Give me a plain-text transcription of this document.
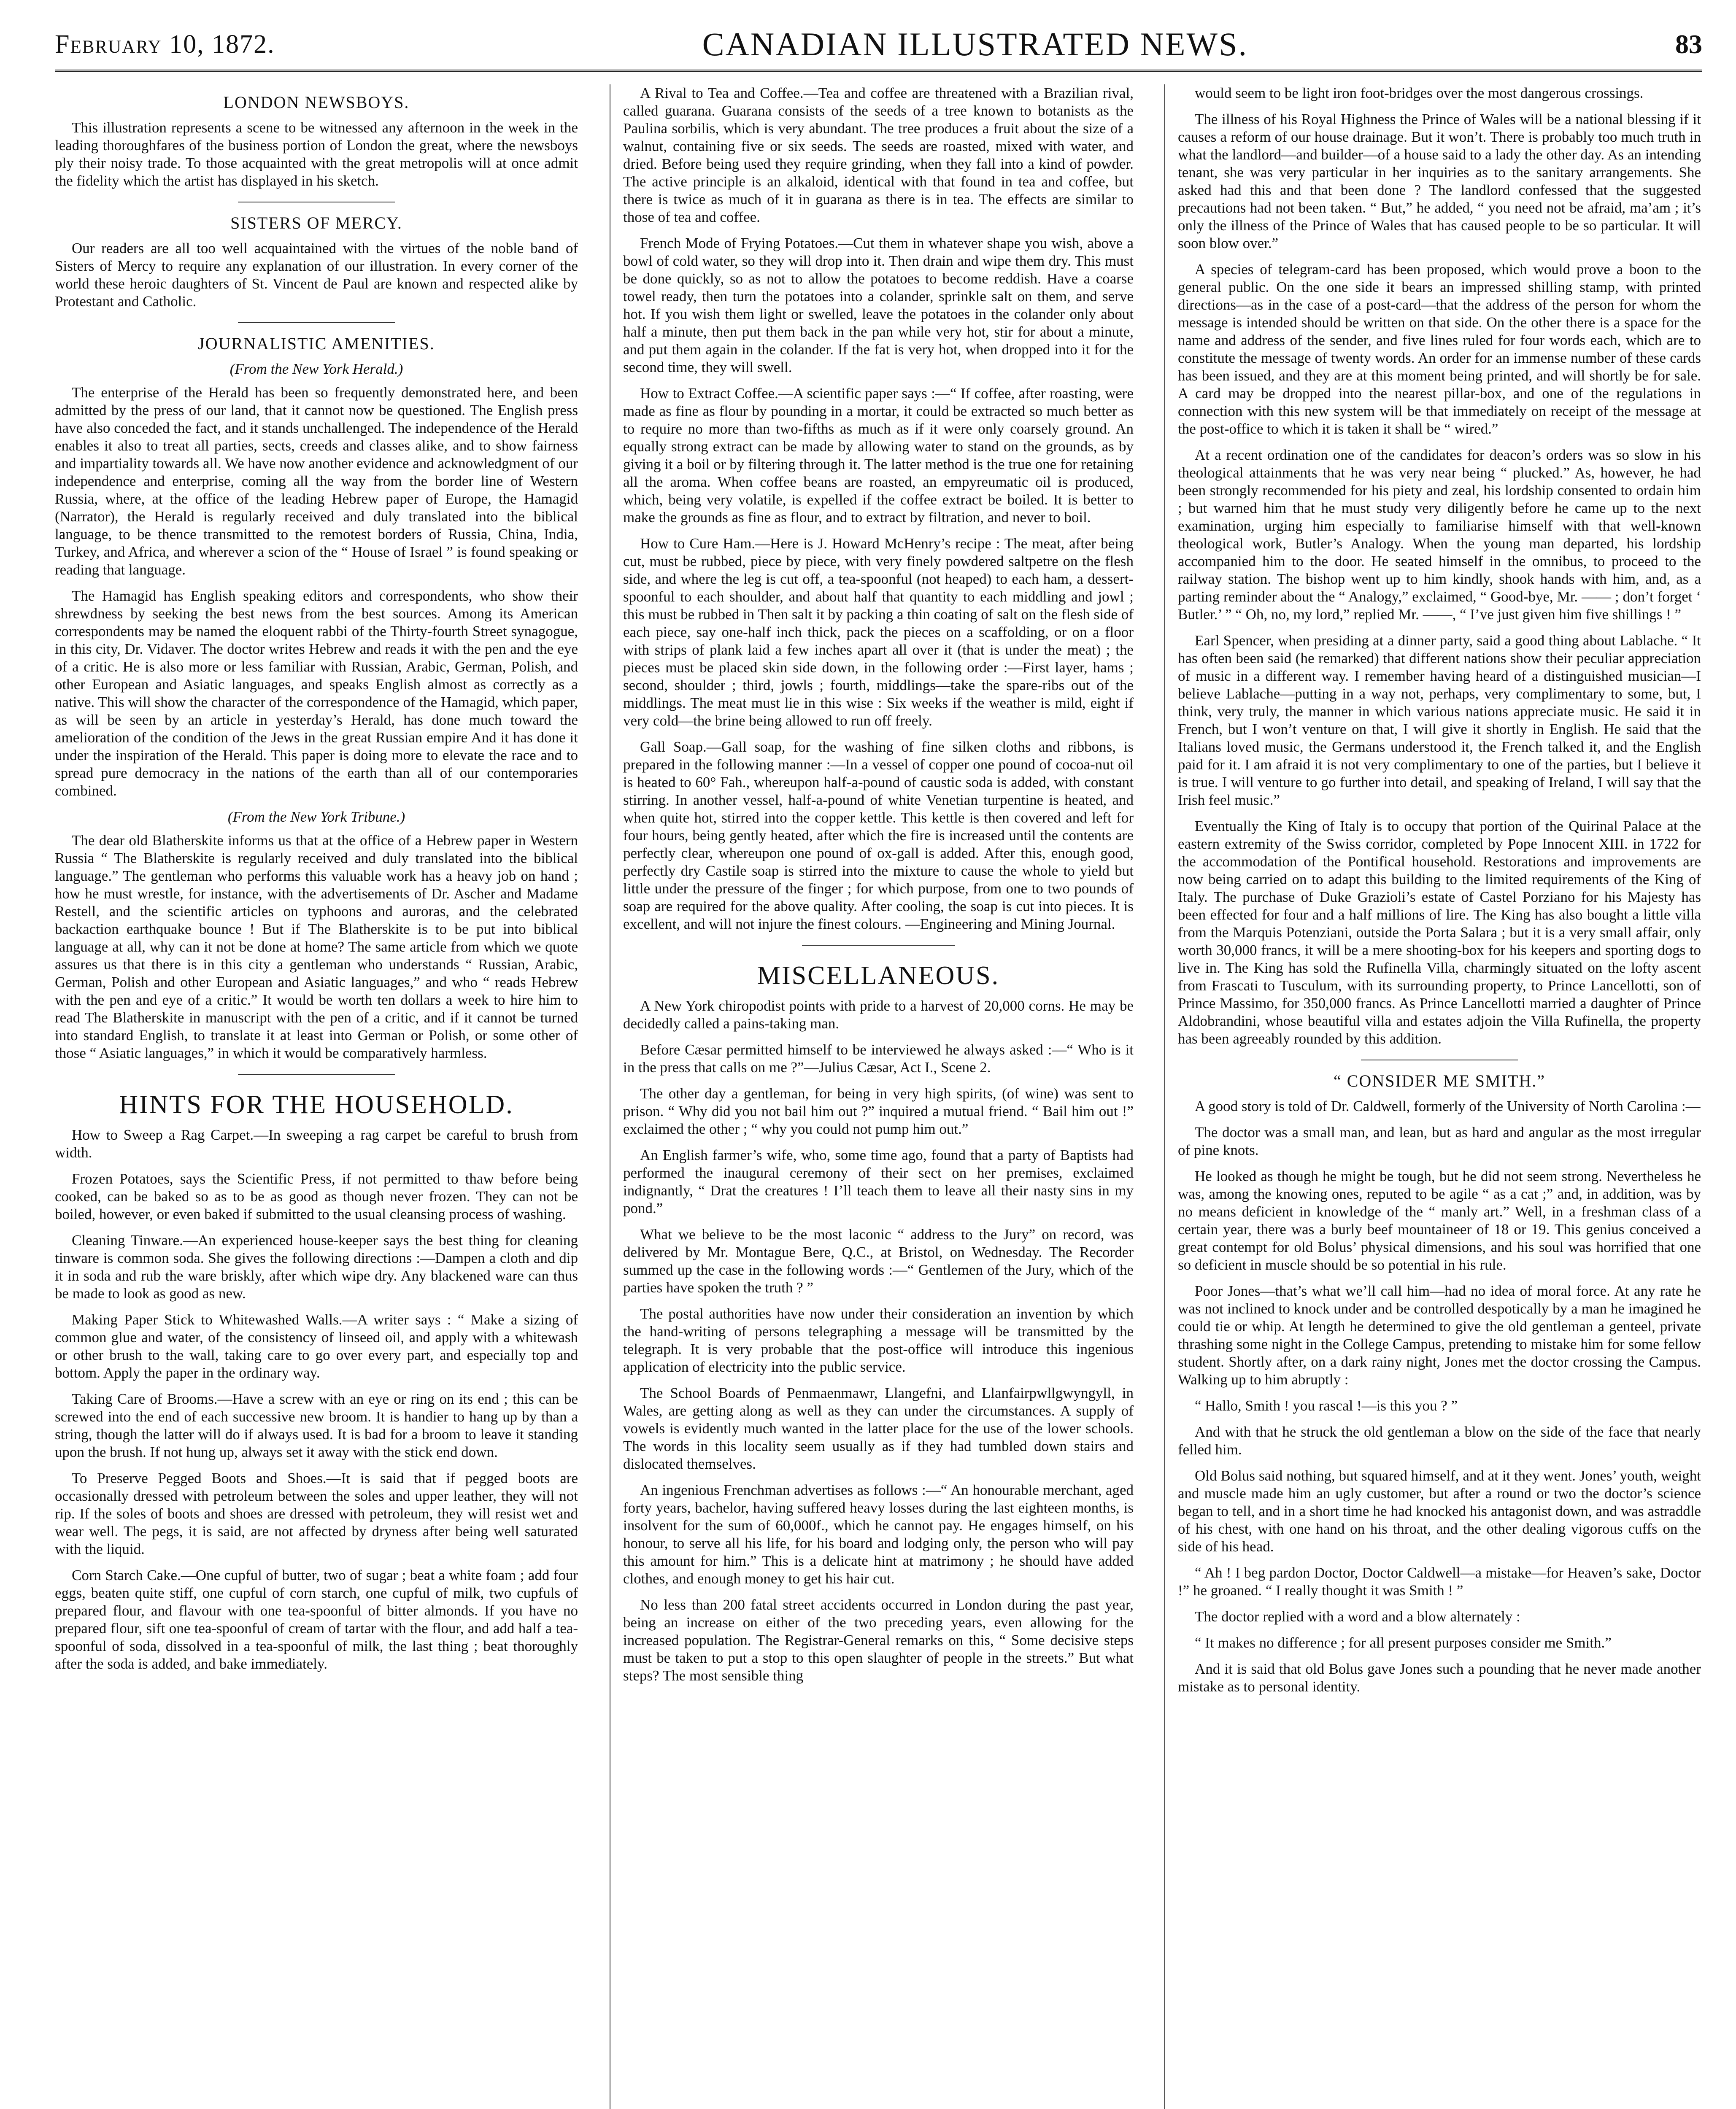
February 10, 1872.	CANADIAN ILLUSTRATED NEWS.	83
LONDON NEWSBOYS.

This illustration represents a scene to be witnessed any afternoon in the week in the leading thoroughfares of the business portion of London the great, where the newsboys ply their noisy trade. To those acquainted with the great metropolis will at once admit the fidelity which the artist has displayed in his sketch.

SISTERS OF MERCY.

Our readers are all too well acquaintained with the virtues of the noble band of Sisters of Mercy to require any explanation of our illustration. In every corner of the world these heroic daughters of St. Vincent de Paul are known and respected alike by Protestant and Catholic.

JOURNALISTIC AMENITIES.
(From the New York Herald.)

The enterprise of the Herald has been so frequently demonstrated here, and been admitted by the press of our land, that it cannot now be questioned. The English press have also conceded the fact, and it stands unchallenged. The independence of the Herald enables it also to treat all parties, sects, creeds and classes alike, and to show fairness and impartiality towards all. We have now another evidence and acknowledgment of our independence and enterprise, coming all the way from the border line of Western Russia, where, at the office of the leading Hebrew paper of Europe, the Hamagid (Narrator), the Herald is regularly received and duly translated into the biblical language, to be thence transmitted to the remotest borders of Russia, China, India, Turkey, and Africa, and wherever a scion of the “ House of Israel ” is found speaking or reading that language.

The Hamagid has English speaking editors and correspondents, who show their shrewdness by seeking the best news from the best sources. Among its American correspondents may be named the eloquent rabbi of the Thirty-fourth Street synagogue, in this city, Dr. Vidaver. The doctor writes Hebrew and reads it with the pen and the eye of a critic. He is also more or less familiar with Russian, Arabic, German, Polish, and other European and Asiatic languages, and speaks English almost as correctly as a native. This will show the character of the correspondence of the Hamagid, which paper, as will be seen by an article in yesterday’s Herald, has done much toward the amelioration of the condition of the Jews in the great Russian empire And it has done it under the inspiration of the Herald. This paper is doing more to elevate the race and to spread pure democracy in the nations of the earth than all of our contemporaries combined.

(From the New York Tribune.)

The dear old Blatherskite informs us that at the office of a Hebrew paper in Western Russia “ The Blatherskite is regularly received and duly translated into the biblical language.” The gentleman who performs this valuable work has a heavy job on hand ; how he must wrestle, for instance, with the advertisements of Dr. Ascher and Madame Restell, and the scientific articles on typhoons and auroras, and the celebrated backaction earthquake bounce ! But if The Blatherskite is to be put into biblical language at all, why can it not be done at home? The same article from which we quote assures us that there is in this city a gentleman who understands “ Russian, Arabic, German, Polish and other European and Asiatic languages,” and who “ reads Hebrew with the pen and eye of a critic.” It would be worth ten dollars a week to hire him to read The Blatherskite in manuscript with the pen of a critic, and if it cannot be turned into standard English, to translate it at least into German or Polish, or some other of those “ Asiatic languages,” in which it would be comparatively harmless.

HINTS FOR THE HOUSEHOLD.

How to Sweep a Rag Carpet.—In sweeping a rag carpet be careful to brush from width.

Frozen Potatoes, says the Scientific Press, if not permitted to thaw before being cooked, can be baked so as to be as good as though never frozen. They can not be boiled, however, or even baked if submitted to the usual cleansing process of washing.

Cleaning Tinware.—An experienced house-keeper says the best thing for cleaning tinware is common soda. She gives the following directions :—Dampen a cloth and dip it in soda and rub the ware briskly, after which wipe dry. Any blackened ware can thus be made to look as good as new.

Making Paper Stick to Whitewashed Walls.—A writer says : “ Make a sizing of common glue and water, of the consistency of linseed oil, and apply with a whitewash or other brush to the wall, taking care to go over every part, and especially top and bottom. Apply the paper in the ordinary way.

Taking Care of Brooms.—Have a screw with an eye or ring on its end ; this can be screwed into the end of each successive new broom. It is handier to hang up by than a string, though the latter will do if always used. It is bad for a broom to leave it standing upon the brush. If not hung up, always set it away with the stick end down.

To Preserve Pegged Boots and Shoes.—It is said that if pegged boots are occasionally dressed with petroleum between the soles and upper leather, they will not rip. If the soles of boots and shoes are dressed with petroleum, they will resist wet and wear well. The pegs, it is said, are not affected by dryness after being well saturated with the liquid.

Corn Starch Cake.—One cupful of butter, two of sugar ; beat a white foam ; add four eggs, beaten quite stiff, one cupful of corn starch, one cupful of milk, two cupfuls of prepared flour, and flavour with one tea-spoonful of bitter almonds. If you have no prepared flour, sift one tea-spoonful of cream of tartar with the flour, and add half a tea-spoonful of soda, dissolved in a tea-spoonful of milk, the last thing ; beat thoroughly after the soda is added, and bake immediately.

A Rival to Tea and Coffee.—Tea and coffee are threatened with a Brazilian rival, called guarana. Guarana consists of the seeds of a tree known to botanists as the Paulina sorbilis, which is very abundant. The tree produces a fruit about the size of a walnut, containing five or six seeds. The seeds are roasted, mixed with water, and dried. Before being used they require grinding, when they fall into a kind of powder. The active principle is an alkaloid, identical with that found in tea and coffee, but there is twice as much of it in guarana as there is in tea. The effects are similar to those of tea and coffee.

French Mode of Frying Potatoes.—Cut them in whatever shape you wish, above a bowl of cold water, so they will drop into it. Then drain and wipe them dry. This must be done quickly, so as not to allow the potatoes to become reddish. Have a coarse towel ready, then turn the potatoes into a colander, sprinkle salt on them, and serve hot. If you wish them light or swelled, leave the potatoes in the colander only about half a minute, then put them back in the pan while very hot, stir for about a minute, and put them again in the colander. If the fat is very hot, when dropped into it for the second time, they will swell.

How to Extract Coffee.—A scientific paper says :—“ If coffee, after roasting, were made as fine as flour by pounding in a mortar, it could be extracted so much better as to require no more than two-fifths as much as if it were only coarsely ground. An equally strong extract can be made by allowing water to stand on the grounds, as by giving it a boil or by filtering through it. The latter method is the true one for retaining all the aroma. When coffee beans are roasted, an empyreumatic oil is produced, which, being very volatile, is expelled if the coffee extract be boiled. It is better to make the grounds as fine as flour, and to extract by filtration, and never to boil.

How to Cure Ham.—Here is J. Howard McHenry’s recipe : The meat, after being cut, must be rubbed, piece by piece, with very finely powdered saltpetre on the flesh side, and where the leg is cut off, a tea-spoonful (not heaped) to each ham, a dessert-spoonful to each shoulder, and about half that quantity to each middling and jowl ; this must be rubbed in Then salt it by packing a thin coating of salt on the flesh side of each piece, say one-half inch thick, pack the pieces on a scaffolding, or on a floor with strips of plank laid a few inches apart all over it (that is under the meat) ; the pieces must be placed skin side down, in the following order :—First layer, hams ; second, shoulder ; third, jowls ; fourth, middlings—take the spare-ribs out of the middlings. The meat must lie in this wise : Six weeks if the weather is mild, eight if very cold—the brine being allowed to run off freely.

Gall Soap.—Gall soap, for the washing of fine silken cloths and ribbons, is prepared in the following manner :—In a vessel of copper one pound of cocoa-nut oil is heated to 60° Fah., whereupon half-a-pound of caustic soda is added, with constant stirring. In another vessel, half-a-pound of white Venetian turpentine is heated, and when quite hot, stirred into the copper kettle. This kettle is then covered and left for four hours, being gently heated, after which the fire is increased until the contents are perfectly clear, whereupon one pound of ox-gall is added. After this, enough good, perfectly dry Castile soap is stirred into the mixture to cause the whole to yield but little under the pressure of the finger ; for which purpose, from one to two pounds of soap are required for the above quality. After cooling, the soap is cut into pieces. It is excellent, and will not injure the finest colours. —Engineering and Mining Journal.

MISCELLANEOUS.

A New York chiropodist points with pride to a harvest of 20,000 corns. He may be decidedly called a pains-taking man.

Before Cæsar permitted himself to be interviewed he always asked :—“ Who is it in the press that calls on me ?”—Julius Cæsar, Act I., Scene 2.

The other day a gentleman, for being in very high spirits, (of wine) was sent to prison. “ Why did you not bail him out ?” inquired a mutual friend. “ Bail him out !” exclaimed the other ; “ why you could not pump him out.”

An English farmer’s wife, who, some time ago, found that a party of Baptists had performed the inaugural ceremony of their sect on her premises, exclaimed indignantly, “ Drat the creatures ! I’ll teach them to leave all their nasty sins in my pond.”

What we believe to be the most laconic “ address to the Jury” on record, was delivered by Mr. Montague Bere, Q.C., at Bristol, on Wednesday. The Recorder summed up the case in the following words :—“ Gentlemen of the Jury, which of the parties have spoken the truth ? ”

The postal authorities have now under their consideration an invention by which the hand-writing of persons telegraphing a message will be transmitted by the telegraph. It is very probable that the post-office will introduce this ingenious application of electricity into the public service.

The School Boards of Penmaenmawr, Llangefni, and Llanfairpwllgwyngyll, in Wales, are getting along as well as they can under the circumstances. A supply of vowels is evidently much wanted in the latter place for the use of the lower schools. The words in this locality seem usually as if they had tumbled down stairs and dislocated themselves.

An ingenious Frenchman advertises as follows :—“ An honourable merchant, aged forty years, bachelor, having suffered heavy losses during the last eighteen months, is insolvent for the sum of 60,000f., which he cannot pay. He engages himself, on his honour, to serve all his life, for his board and lodging only, the person who will pay this amount for him.” This is a delicate hint at matrimony ; he should have added clothes, and enough money to get his hair cut.

No less than 200 fatal street accidents occurred in London during the past year, being an increase on either of the two preceding years, even allowing for the increased population. The Registrar-General remarks on this, “ Some decisive steps must be taken to put a stop to this open slaughter of people in the streets.” But what steps? The most sensible thing

would seem to be light iron foot-bridges over the most dangerous crossings.

The illness of his Royal Highness the Prince of Wales will be a national blessing if it causes a reform of our house drainage. But it won’t. There is probably too much truth in what the landlord—and builder—of a house said to a lady the other day. As an intending tenant, she was very particular in her inquiries as to the sanitary arrangements. She asked had this and that been done ? The landlord confessed that the suggested precautions had not been taken. “ But,” he added, “ you need not be afraid, ma’am ; it’s only the illness of the Prince of Wales that has caused people to be so particular. It will soon blow over.”

A species of telegram-card has been proposed, which would prove a boon to the general public. On the one side it bears an impressed shilling stamp, with printed directions—as in the case of a post-card—that the address of the person for whom the message is intended should be written on that side. On the other there is a space for the name and address of the sender, and five lines ruled for four words each, which are to constitute the message of twenty words. An order for an immense number of these cards has been issued, and they are at this moment being printed, and will shortly be for sale. A card may be dropped into the nearest pillar-box, and one of the regulations in connection with this new system will be that immediately on receipt of the message at the post-office to which it is taken it shall be “ wired.”

At a recent ordination one of the candidates for deacon’s orders was so slow in his theological attainments that he was very near being “ plucked.” As, however, he had been strongly recommended for his piety and zeal, his lordship consented to ordain him ; but warned him that he must study very diligently before he came up to the next examination, urging him especially to familiarise himself with that well-known theological work, Butler’s Analogy. When the young man departed, his lordship accompanied him to the door. He seated himself in the omnibus, to proceed to the railway station. The bishop went up to him kindly, shook hands with him, and, as a parting reminder about the “ Analogy,” exclaimed, “ Good-bye, Mr. —— ; don’t forget ‘ Butler.’ ” “ Oh, no, my lord,” replied Mr. ——, “ I’ve just given him five shillings ! ”

Earl Spencer, when presiding at a dinner party, said a good thing about Lablache. “ It has often been said (he remarked) that different nations show their peculiar appreciation of music in a different way. I remember having heard of a distinguished musician—I believe Lablache—putting in a way not, perhaps, very complimentary to some, but, I think, very truly, the manner in which various nations appreciate music. He said it in French, but I won’t venture on that, I will give it shortly in English. He said that the Italians loved music, the Germans understood it, the French talked it, and the English paid for it. I am afraid it is not very complimentary to one of the parties, but I believe it is true. I will venture to go further into detail, and speaking of Ireland, I will say that the Irish feel music.”

Eventually the King of Italy is to occupy that portion of the Quirinal Palace at the eastern extremity of the Swiss corridor, completed by Pope Innocent XIII. in 1722 for the accommodation of the Pontifical household. Restorations and improvements are now being carried on to adapt this building to the limited requirements of the King of Italy. The purchase of Duke Grazioli’s estate of Castel Porziano for his Majesty has been effected for four and a half millions of lire. The King has also bought a little villa from the Marquis Potenziani, outside the Porta Salara ; but it is a very small affair, only worth 30,000 francs, it will be a mere shooting-box for his keepers and sporting dogs to live in. The King has sold the Rufinella Villa, charmingly situated on the lofty ascent from Frascati to Tusculum, with its surrounding property, to Prince Lancellotti, son of Prince Massimo, for 350,000 francs. As Prince Lancellotti married a daughter of Prince Aldobrandini, whose beautiful villa and estates adjoin the Villa Rufinella, the property has been agreeably rounded by this addition.

“ CONSIDER ME SMITH.”

A good story is told of Dr. Caldwell, formerly of the University of North Carolina :—

The doctor was a small man, and lean, but as hard and angular as the most irregular of pine knots.

He looked as though he might be tough, but he did not seem strong. Nevertheless he was, among the knowing ones, reputed to be agile “ as a cat ;” and, in addition, was by no means deficient in knowledge of the “ manly art.” Well, in a freshman class of a certain year, there was a burly beef mountaineer of 18 or 19. This genius conceived a great contempt for old Bolus’ physical dimensions, and his soul was horrified that one so deficient in muscle should be so potential in his rule.

Poor Jones—that’s what we’ll call him—had no idea of moral force. At any rate he was not inclined to knock under and be controlled despotically by a man he imagined he could tie or whip. At length he determined to give the old gentleman a genteel, private thrashing some night in the College Campus, pretending to mistake him for some fellow student. Shortly after, on a dark rainy night, Jones met the doctor crossing the Campus. Walking up to him abruptly :

“ Hallo, Smith ! you rascal !—is this you ? ”

And with that he struck the old gentleman a blow on the side of the face that nearly felled him.

Old Bolus said nothing, but squared himself, and at it they went. Jones’ youth, weight and muscle made him an ugly customer, but after a round or two the doctor’s science began to tell, and in a short time he had knocked his antagonist down, and was astraddle of his chest, with one hand on his throat, and the other dealing vigorous cuffs on the side of his head.

“ Ah ! I beg pardon Doctor, Doctor Caldwell—a mistake—for Heaven’s sake, Doctor !” he groaned. “ I really thought it was Smith ! ”

The doctor replied with a word and a blow alternately :

“ It makes no difference ; for all present purposes consider me Smith.”

And it is said that old Bolus gave Jones such a pounding that he never made another mistake as to personal identity.
